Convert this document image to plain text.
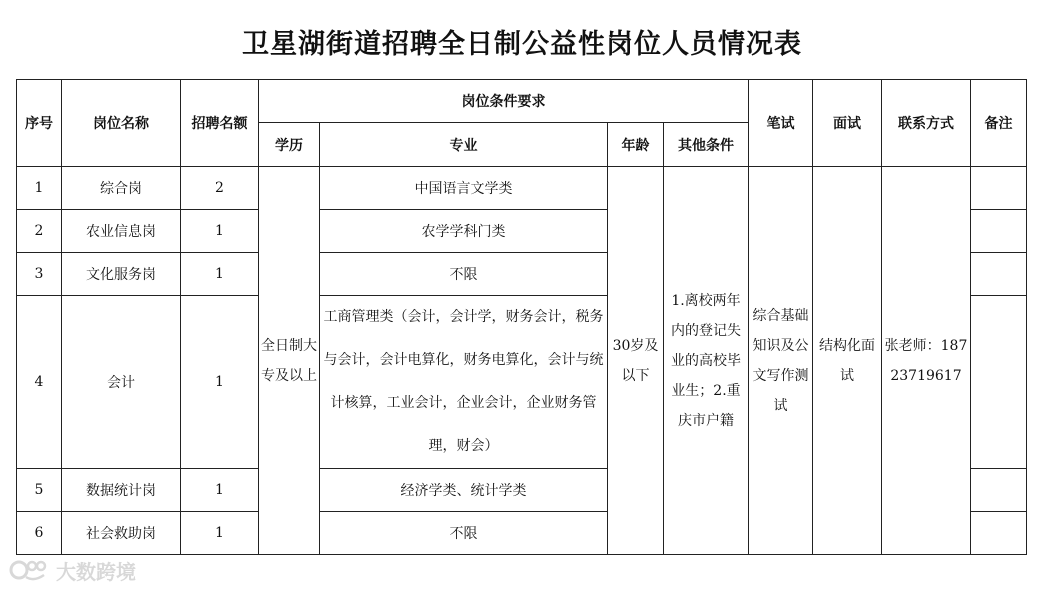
卫星湖街道招聘全日制公益性岗位人员情况表
序号	岗位名称	招聘名额	岗位条件要求				笔试	面试	联系方式	备注
			学历	专业	年龄	其他条件				
1	综合岗	2	全日制大专及以上	中国语言文学类	30岁及以下	1.离校两年内的登记失业的高校毕业生；2.重庆市户籍	综合基础知识及公文写作测试	结构化面试	张老师：18723719617	
2	农业信息岗	1		农学学科门类						
3	文化服务岗	1		不限						
4	会计	1		工商管理类（会计，会计学，财务会计，税务与会计，会计电算化，财务电算化，会计与统计核算，工业会计，企业会计，企业财务管理，财会）						
5	数据统计岗	1		经济学类、统计学类						
6	社会救助岗	1		不限						
大数跨境
